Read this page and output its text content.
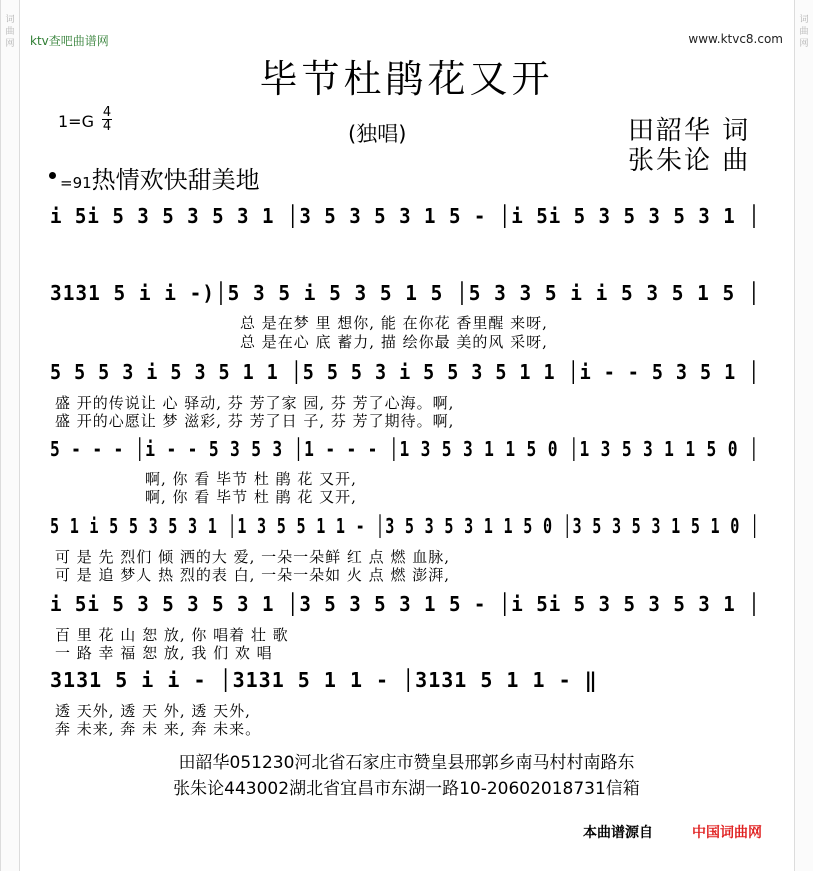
词
曲
网
词
曲
网
ktv查吧曲谱网	www.ktvc8.com
毕节杜鹃花又开
1=G 4
4	(独唱)	田韶华 词
张朱论 曲
=91热情欢快甜美地
i 5i 5 3 5 3 5 3 1 │3 5 3 5 3 1 5 - │i 5i 5 3 5 3 5 3 1 │
3131 5 i i -)│5 3 5 i 5 3 5 1 5 │5 3 3 5 i i 5 3 5 1 5 │
5 5 5 3 i 5 3 5 1 1 │5 5 5 3 i 5 5 3 5 1 1 │i - - 5 3 5 1 │
5 - - - │i - - 5 3 5 3 │1 - - - │1 3 5 3 1 1 5 0 │1 3 5 3 1 1 5 0 │
5 1 i 5 5 3 5 3 1 │1 3 5 5 1 1 - │3 5 3 5 3 1 1 5 0 │3 5 3 5 3 1 5 1 0 │
i 5i 5 3 5 3 5 3 1 │3 5 3 5 3 1 5 - │i 5i 5 3 5 3 5 3 1 │
3131 5 i i - │3131 5 1 1 - │3131 5 1 1 - ‖
总 是在梦 里 想你, 能 在你花 香里醒 来呀,
总 是在心 底 蓄力, 描 绘你最 美的风 采呀,
盛 开的传说让 心 驿动, 芬 芳了家 园, 芬 芳了心海。啊,
盛 开的心愿让 梦 滋彩, 芬 芳了日 子, 芬 芳了期待。啊,
啊, 你 看 毕节 杜 鹃 花 又开,
啊, 你 看 毕节 杜 鹃 花 又开,
可 是 先 烈们 倾 洒的大 爱, 一朵一朵鲜 红 点 燃 血脉,
可 是 追 梦人 热 烈的表 白, 一朵一朵如 火 点 燃 澎湃,
百 里 花 山 恕 放, 你 唱着 壮 歌
一 路 幸 福 恕 放, 我 们 欢 唱
透 天外, 透 天 外, 透 天外,
奔 未来, 奔 未 来, 奔 未来。
田韶华051230河北省石家庄市赞皇县邢郭乡南马村村南路东
张朱论443002湖北省宜昌市东湖一路10-20602018731信箱
本曲谱源自	中国词曲网
